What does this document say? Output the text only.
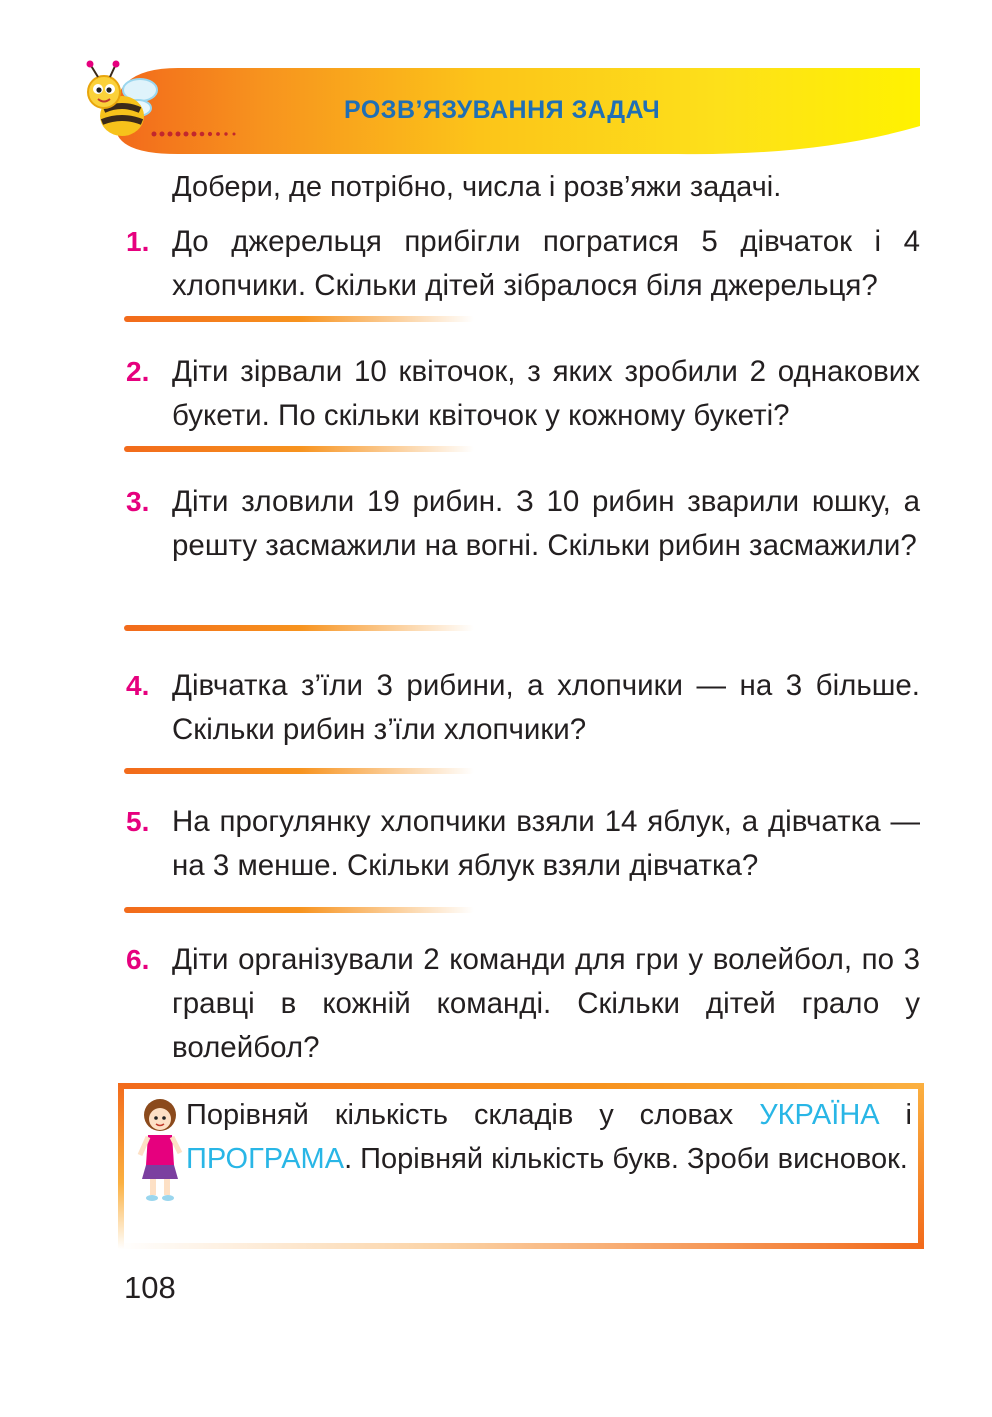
РОЗВ’ЯЗУВАННЯ ЗАДАЧ
Добери, де потрібно, числа і розв’яжи задачі.
1. До джерельця прибігли погратися 5 дівчаток і 4 хлопчики. Скільки дітей зібралося біля джерельця?
2. Діти зірвали 10 квіточок, з яких зробили 2 однакових букети. По скільки квіточок у кожному букеті?
3. Діти зловили 19 рибин. З 10 рибин зварили юшку, а решту засмажили на вогні. Скільки рибин засмажили?
4. Дівчатка з’їли 3 рибини, а хлопчики — на 3 більше. Скільки рибин з’їли хлопчики?
5. На прогулянку хлопчики взяли 14 яблук, а дівчатка — на 3 менше. Скільки яблук взяли дівчатка?
6. Діти організували 2 команди для гри у волейбол, по 3 гравці в кожній команді. Скільки дітей грало у волейбол?
Порівняй кількість складів у словах УКРАЇНА і ПРОГРАМА. Порівняй кількість букв. Зроби висновок.
108
